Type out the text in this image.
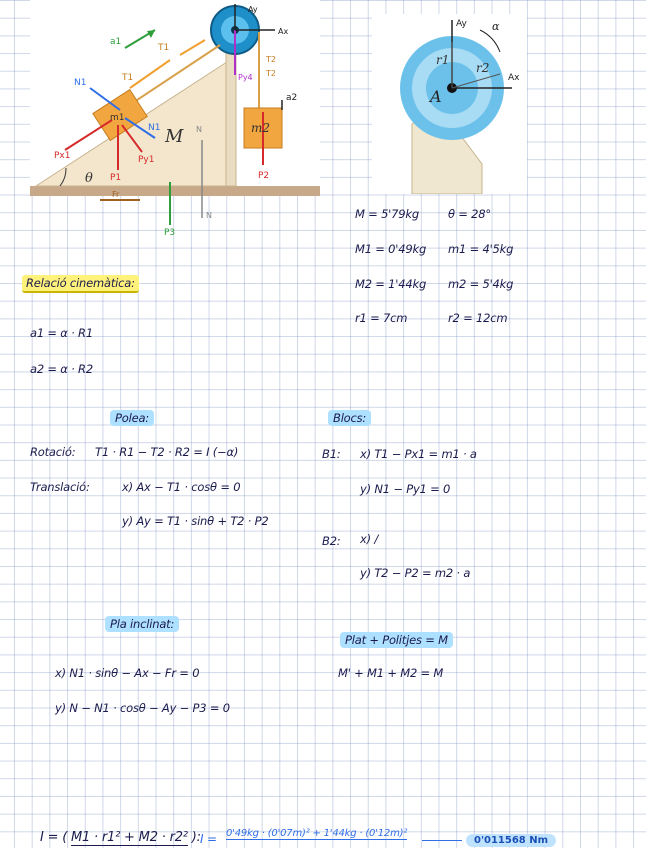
a1
T1
T1
N1
N1
m1
M
Px1	Py1
P1
θ
Fr
P3
N
N
Ay
Ax
Py4
T2
T2
a2
m2
P2
Ay α
r1
r2
Ax
A
M = 5'79kg	θ = 28°
M1 = 0'49kg m1 = 4'5kg
M2 = 1'44kg m2 = 5'4kg
r1 = 7cm	r2 = 12cm
Relació cinemàtica:
a1 = α · R1
a2 = α · R2
Polea:
Rotació: T1 · R1 − T2 · R2 = I (−α)
Translació:	x) Ax − T1 · cosθ = 0
y) Ay = T1 · sinθ + T2 · P2
Blocs:
B1: x) T1 − Px1 = m1 · a
y) N1 − Py1 = 0
B2: x) /
y) T2 − P2 = m2 · a
Pla inclinat:
x) N1 · sinθ − Ax − Fr = 0
y) N − N1 · cosθ − Ay − P3 = 0
Plat + Politjes = M
M' + M1 + M2 = M
I = ( M1 · r1² + M2 · r2² ): I = 0'49kg · (0'07m)² + 1'44kg · (0'12m)²
0'011568 Nm
